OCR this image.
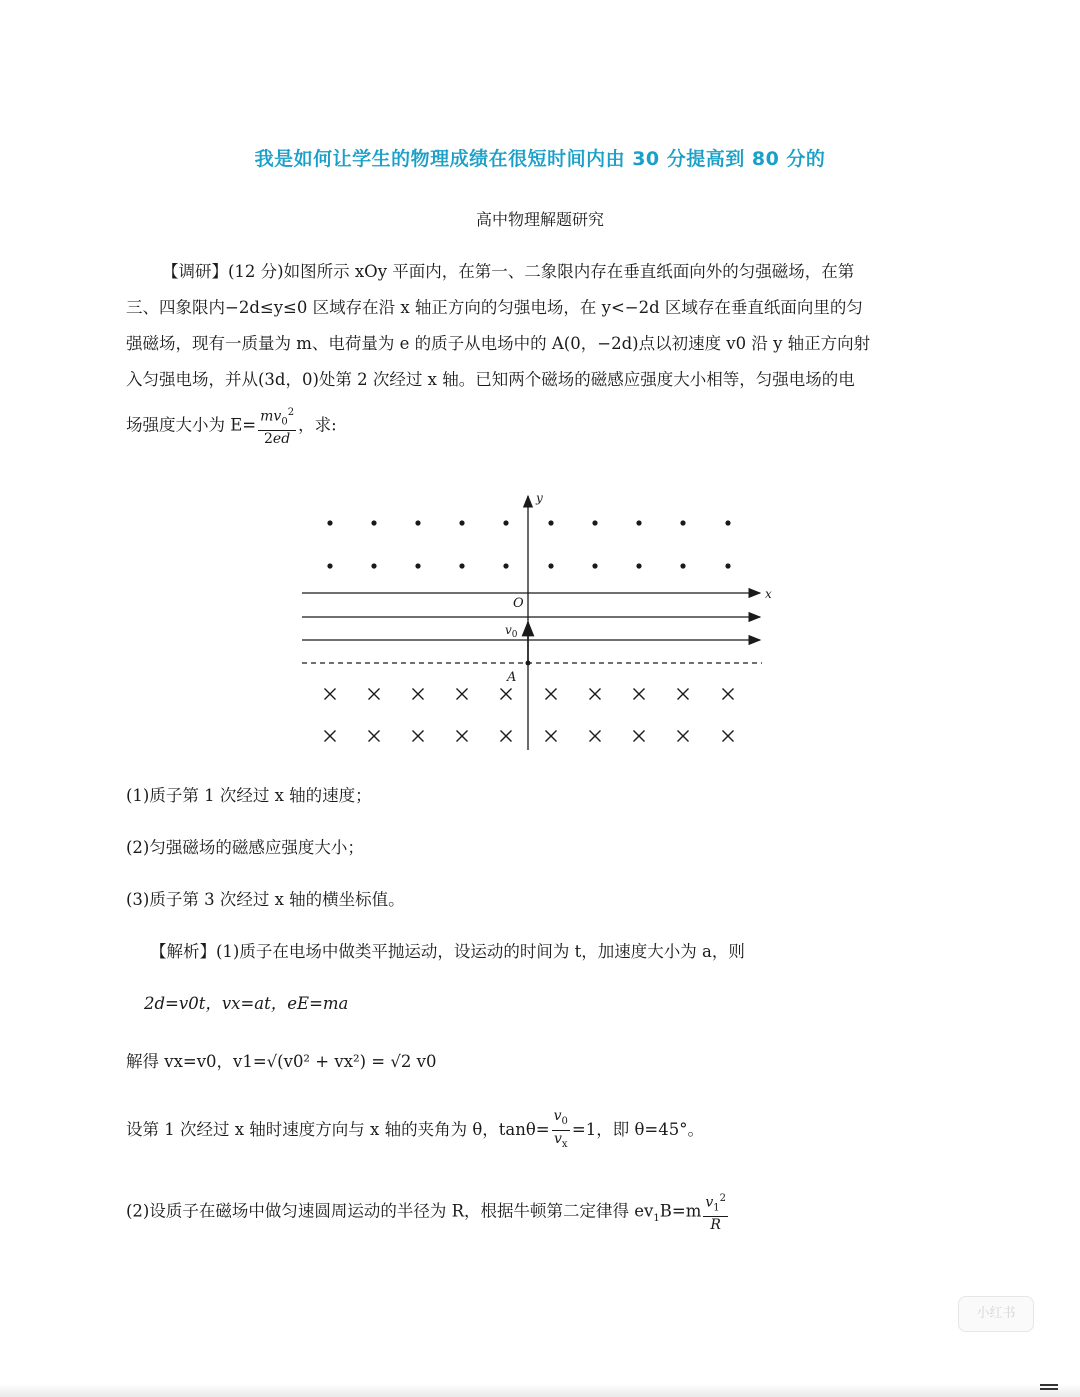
我是如何让学生的物理成绩在很短时间内由 30 分提高到 80 分的
高中物理解题研究
【调研】(12 分)如图所示 xOy 平面内，在第一、二象限内存在垂直纸面向外的匀强磁场，在第
三、四象限内−2d≤y≤0 区域存在沿 x 轴正方向的匀强电场，在 y<−2d 区域存在垂直纸面向里的匀
强磁场，现有一质量为 m、电荷量为 e 的质子从电场中的 A(0，−2d)点以初速度 v0 沿 y 轴正方向射
入匀强电场，并从(3d，0)处第 2 次经过 x 轴。已知两个磁场的磁感应强度大小相等，匀强电场的电
场强度大小为 $E= \frac{mv_0^2}{2ed}$ ，求:
y
x
O
$v_0$
A
(1)质子第 1 次经过 x 轴的速度；
(2)匀强磁场的磁感应强度大小；
(3)质子第 3 次经过 x 轴的横坐标值。
【解析】(1)质子在电场中做类平抛运动，设运动的时间为 t，加速度大小为 a，则
2d=v0t，vx=at，eE=ma
解得 vx=v0，v1=√(v0² + vx²) = √2 v0
设第 1 次经过 x 轴时速度方向与 x 轴的夹角为 θ，$\tan\theta= \frac{v_0}{v_x} =1$，即 θ=45°。
(2)设质子在磁场中做匀速圆周运动的半径为 R，根据牛顿第二定律得 $ev_1B=m \frac{v_1^2}{R}$
小红书
